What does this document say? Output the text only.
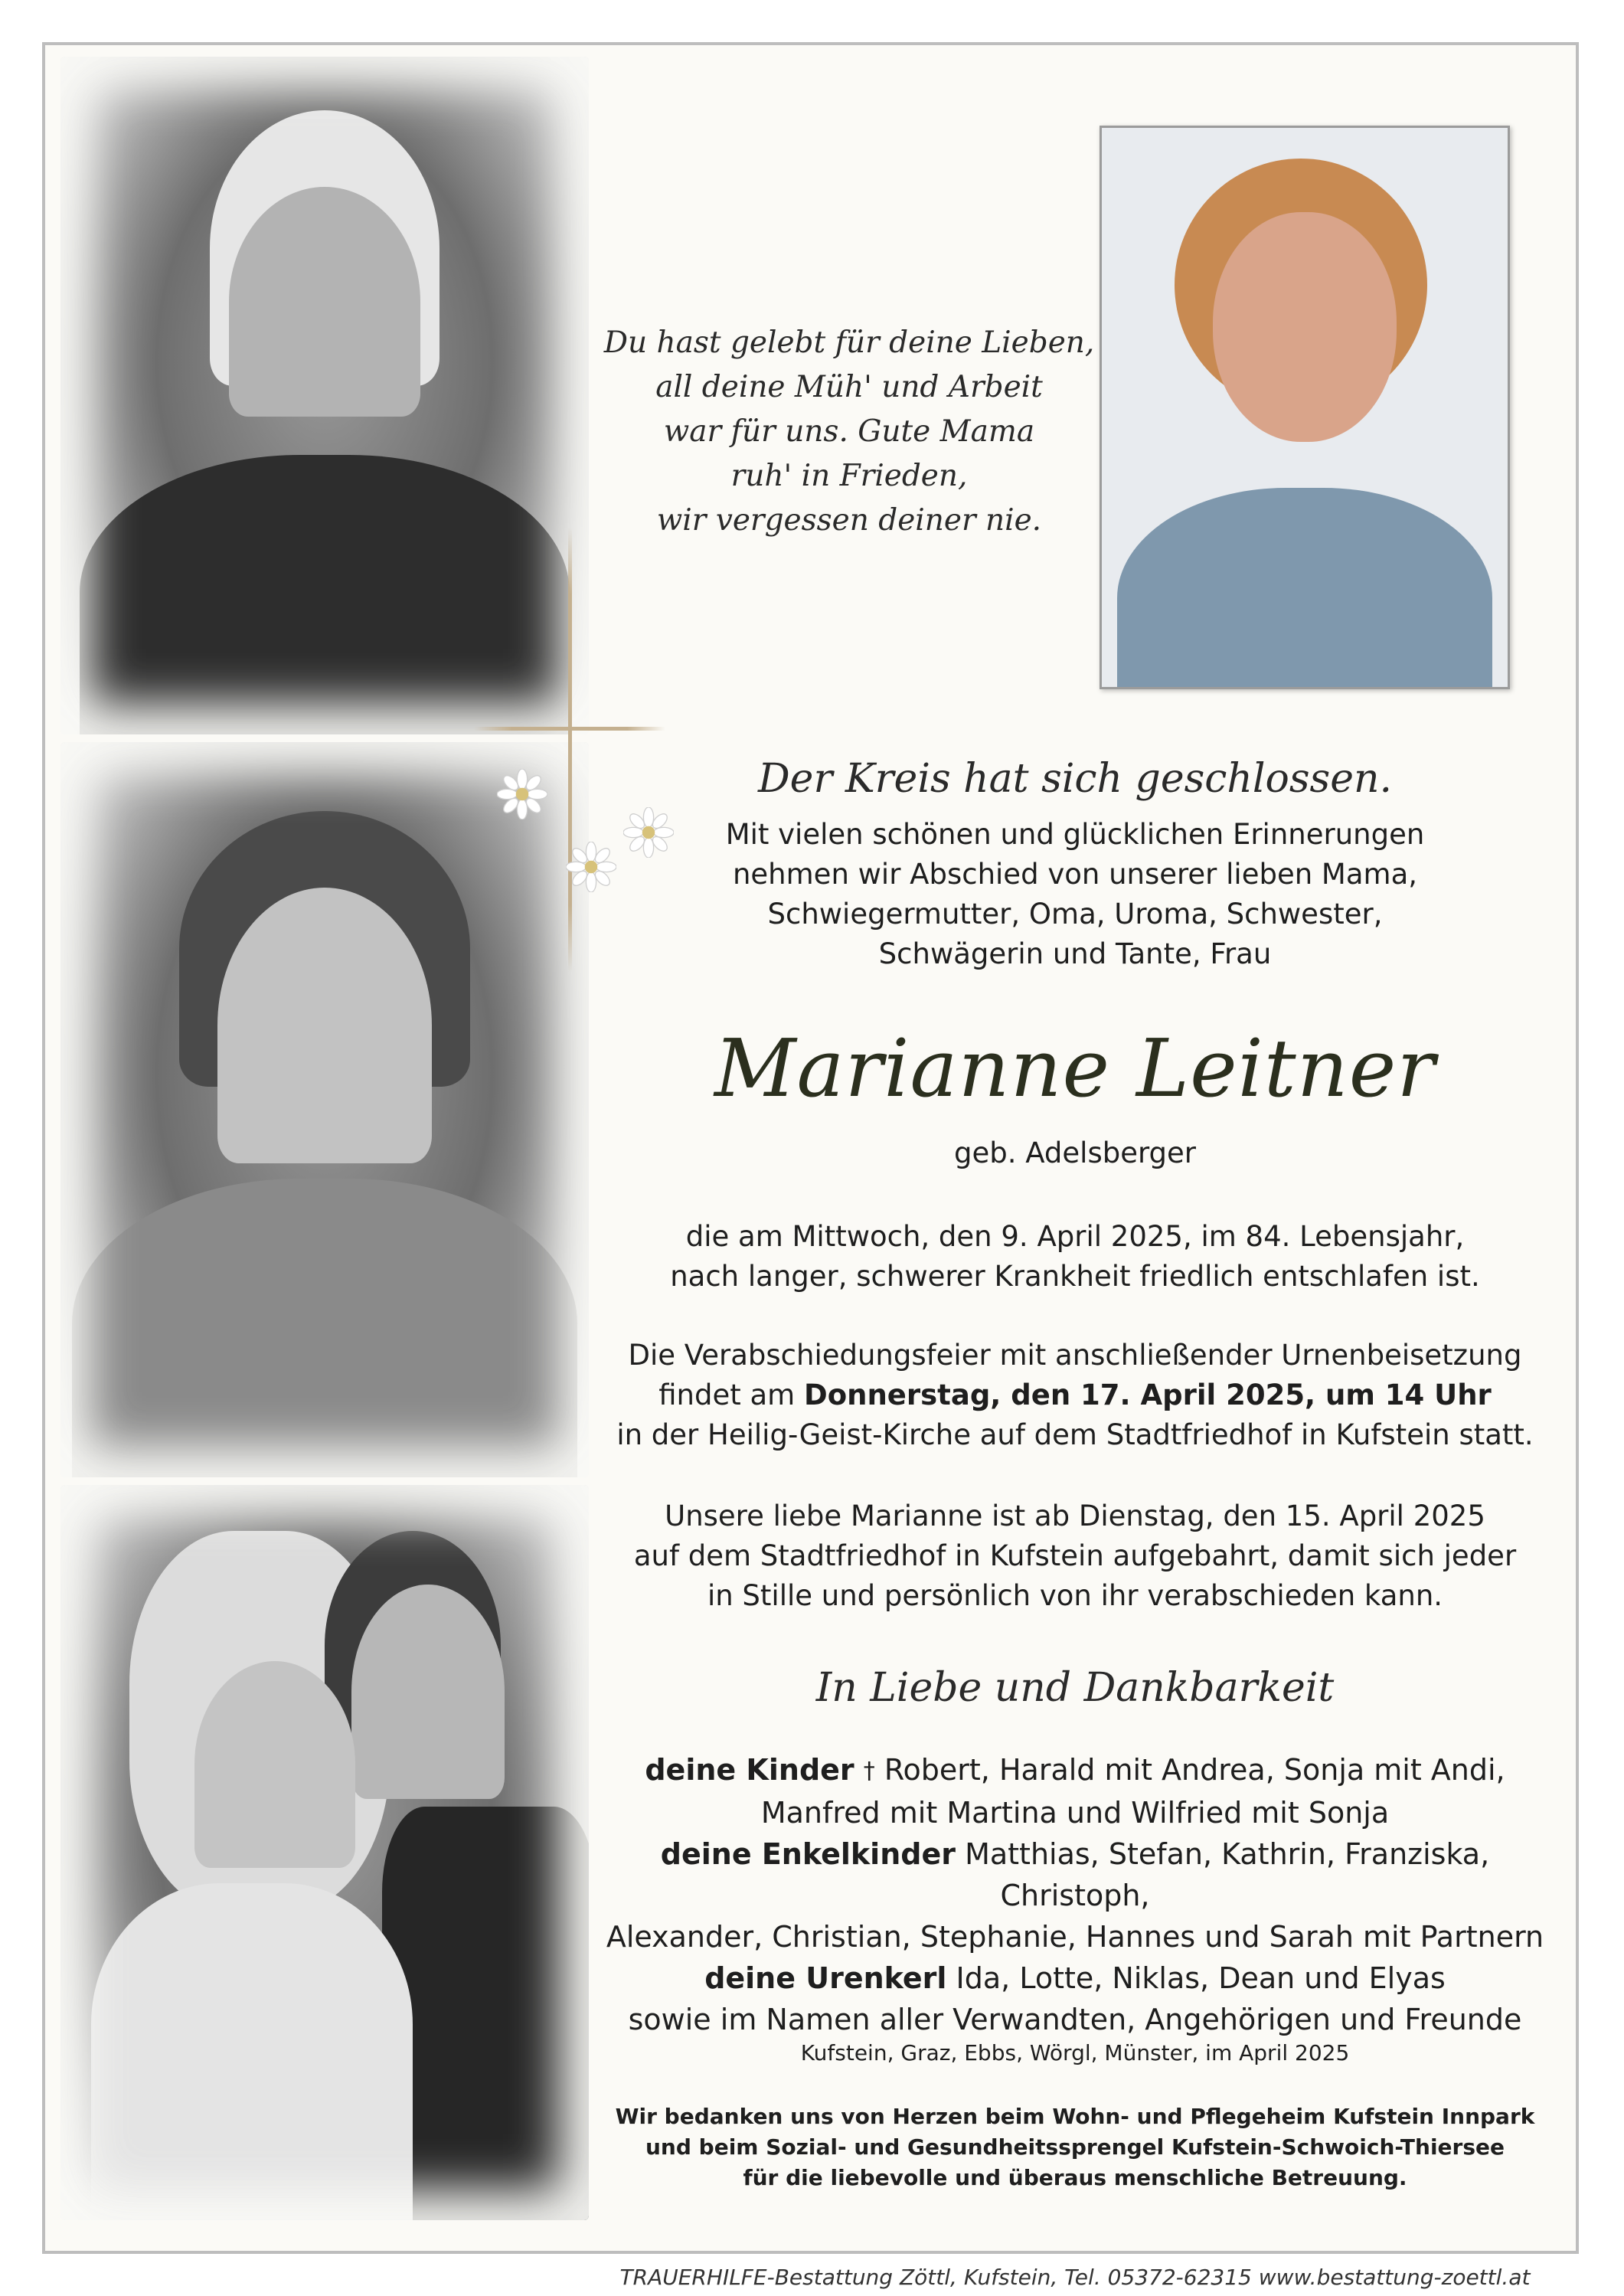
Du hast gelebt für deine Lieben,
all deine Müh' und Arbeit
war für uns. Gute Mama
ruh' in Frieden,
wir vergessen deiner nie.
Der Kreis hat sich geschlossen.
Mit vielen schönen und glücklichen Erinnerungen
nehmen wir Abschied von unserer lieben Mama,
Schwiegermutter, Oma, Uroma, Schwester,
Schwägerin und Tante, Frau
Marianne Leitner
geb. Adelsberger
die am Mittwoch, den 9. April 2025, im 84. Lebensjahr,
nach langer, schwerer Krankheit friedlich entschlafen ist.
Die Verabschiedungsfeier mit anschließender Urnenbeisetzung
findet am Donnerstag, den 17. April 2025, um 14 Uhr
in der Heilig-Geist-Kirche auf dem Stadtfriedhof in Kufstein statt.
Unsere liebe Marianne ist ab Dienstag, den 15. April 2025
auf dem Stadtfriedhof in Kufstein aufgebahrt, damit sich jeder
in Stille und persönlich von ihr verabschieden kann.
In Liebe und Dankbarkeit
deine Kinder † Robert, Harald mit Andrea, Sonja mit Andi,
Manfred mit Martina und Wilfried mit Sonja
deine Enkelkinder Matthias, Stefan, Kathrin, Franziska, Christoph,
Alexander, Christian, Stephanie, Hannes und Sarah mit Partnern
deine Urenkerl Ida, Lotte, Niklas, Dean und Elyas
sowie im Namen aller Verwandten, Angehörigen und Freunde
Kufstein, Graz, Ebbs, Wörgl, Münster, im April 2025
Wir bedanken uns von Herzen beim Wohn- und Pflegeheim Kufstein Innpark
und beim Sozial- und Gesundheitssprengel Kufstein-Schwoich-Thiersee
für die liebevolle und überaus menschliche Betreuung.
TRAUERHILFE-Bestattung Zöttl, Kufstein, Tel. 05372-62315 www.bestattung-zoettl.at
